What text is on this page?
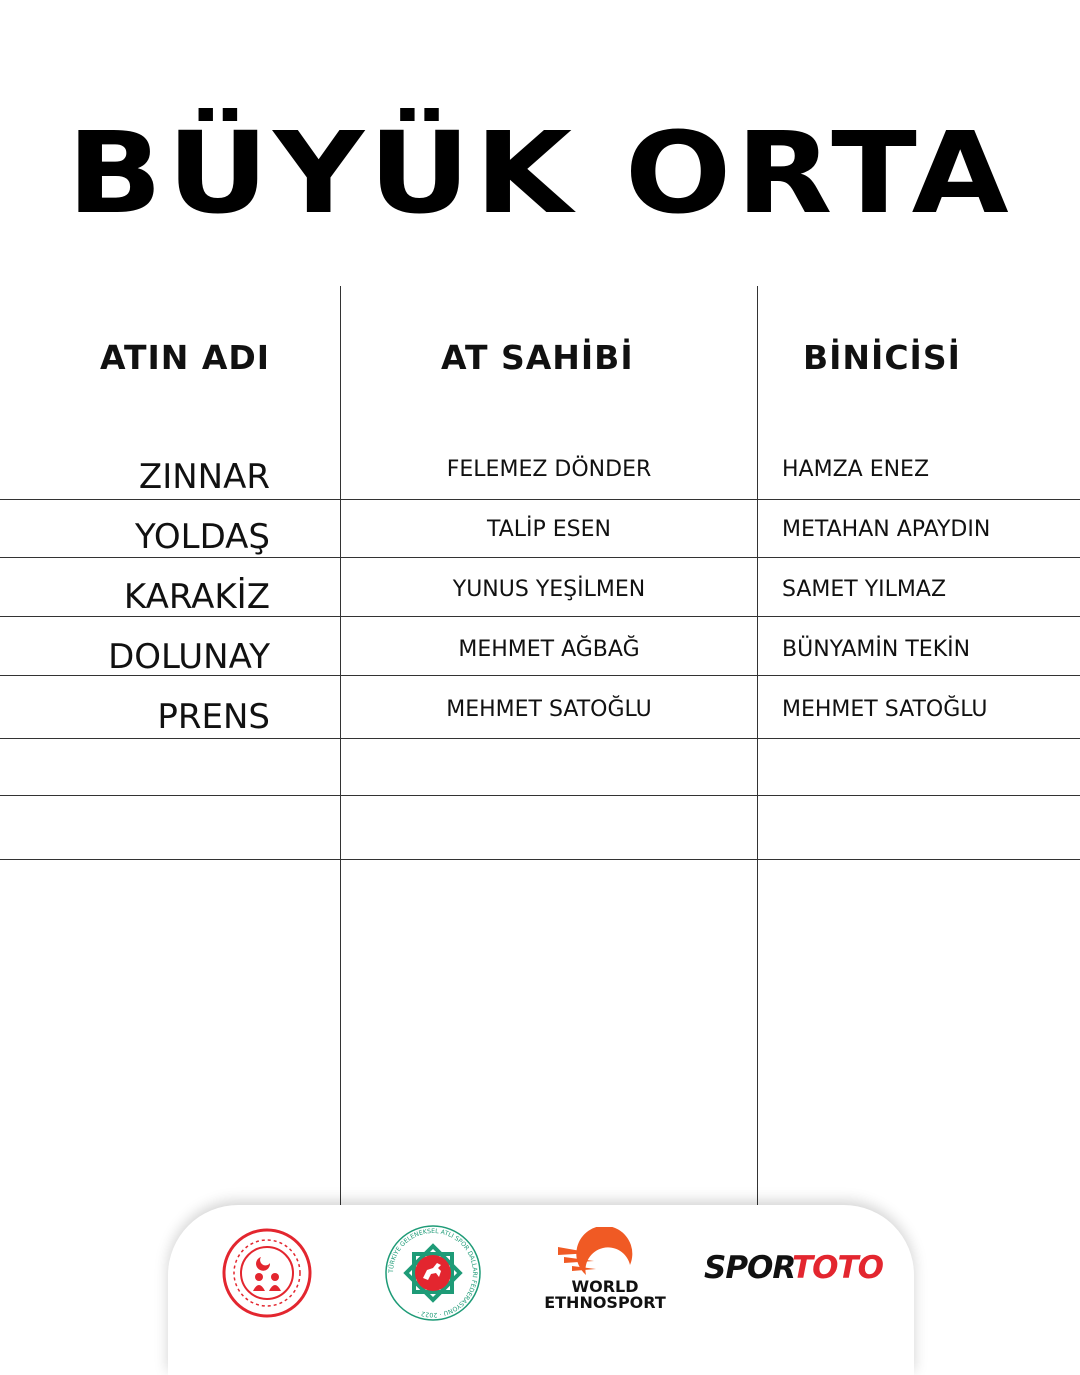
BÜYÜK ORTA
ATIN ADI	AT SAHİBİ	BİNİCİSİ
ZINNAR	FELEMEZ DÖNDER	HAMZA ENEZ
YOLDAŞ	TALİP ESEN	METAHAN APAYDIN
KARAKİZ	YUNUS YEŞİLMEN	SAMET YILMAZ
DOLUNAY	MEHMET AĞBAĞ	BÜNYAMİN TEKİN
PRENS	MEHMET SATOĞLU	MEHMET SATOĞLU
TÜRKİYE GELENEKSEL ATLI SPOR DALLARI FEDERASYONU · 2022 ·
WORLD
ETHNOSPORT
SPOR
TOTO
